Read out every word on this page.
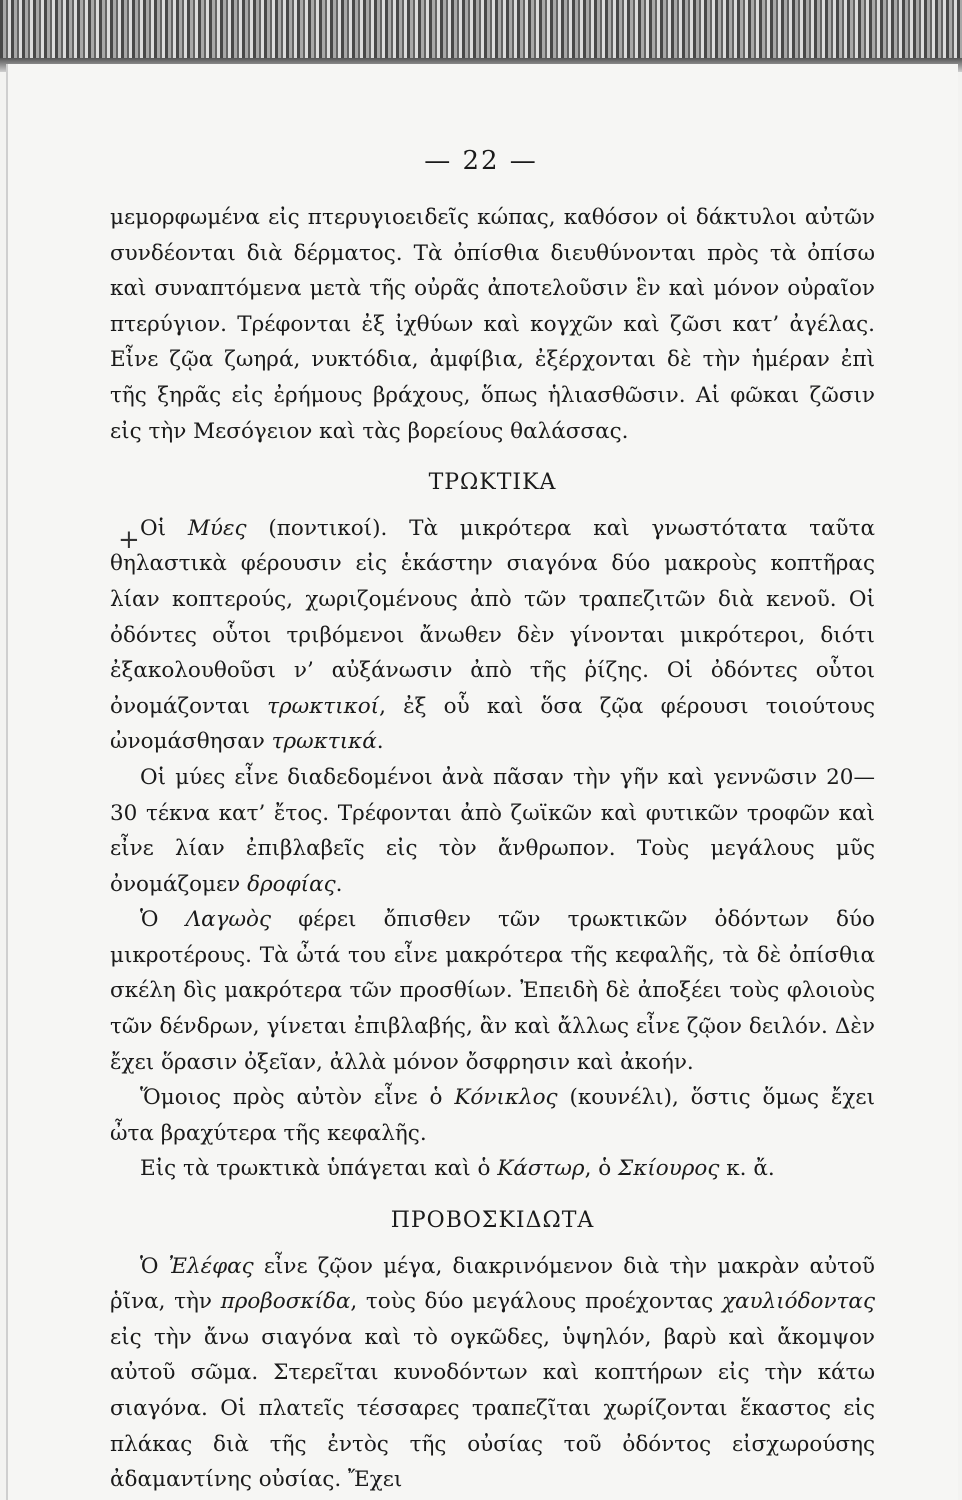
— 22 —
+

μεμορφωμένα εἰς πτερυγιοειδεῖς κώπας, καθόσον οἱ δάκτυλοι αὐτῶν συνδέονται διὰ δέρματος. Τὰ ὀπίσθια διευθύνονται πρὸς τὰ ὀπίσω καὶ συναπτόμενα μετὰ τῆς οὐρᾶς ἀποτελοῦσιν ἓν καὶ μόνον οὐραῖον πτερύγιον. Τρέφονται ἐξ ἰχθύων καὶ κογχῶν καὶ ζῶσι κατ’ ἀγέλας. Εἶνε ζῷα ζωηρά, νυκτόδια, ἀμφίβια, ἐξέρχονται δὲ τὴν ἡμέραν ἐπὶ τῆς ξηρᾶς εἰς ἐρήμους βράχους, ὅπως ἡλιασθῶσιν. Αἱ φῶκαι ζῶσιν εἰς τὴν Μεσόγειον καὶ τὰς βορείους θαλάσσας.

ΤΡΩΚΤΙΚΑ

Οἱ Μύες (ποντικοί). Τὰ μικρότερα καὶ γνωστότατα ταῦτα θηλαστικὰ φέρουσιν εἰς ἑκάστην σιαγόνα δύο μακροὺς κοπτῆρας λίαν κοπτερούς, χωριζομένους ἀπὸ τῶν τραπεζιτῶν διὰ κενοῦ. Οἱ ὀδόντες οὗτοι τριβόμενοι ἄνωθεν δὲν γίνονται μικρότεροι, διότι ἐξακολουθοῦσι ν’ αὐξάνωσιν ἀπὸ τῆς ῥίζης. Οἱ ὀδόντες οὗτοι ὀνομάζονται τρωκτικοί, ἐξ οὗ καὶ ὅσα ζῷα φέρουσι τοιούτους ὠνομάσθησαν τρωκτικά.

Οἱ μύες εἶνε διαδεδομένοι ἀνὰ πᾶσαν τὴν γῆν καὶ γεννῶσιν 20—30 τέκνα κατ’ ἔτος. Τρέφονται ἀπὸ ζωϊκῶν καὶ φυτικῶν τροφῶν καὶ εἶνε λίαν ἐπιβλαβεῖς εἰς τὸν ἄνθρωπον. Τοὺς μεγάλους μῦς ὀνομάζομεν δροφίας.

Ὁ Λαγωὸς φέρει ὄπισθεν τῶν τρωκτικῶν ὀδόντων δύο μικροτέρους. Τὰ ὦτά του εἶνε μακρότερα τῆς κεφαλῆς, τὰ δὲ ὀπίσθια σκέλη δὶς μακρότερα τῶν προσθίων. Ἐπειδὴ δὲ ἀποξέει τοὺς φλοιοὺς τῶν δένδρων, γίνεται ἐπιβλαβής, ἂν καὶ ἄλλως εἶνε ζῷον δειλόν. Δὲν ἔχει ὅρασιν ὀξεῖαν, ἀλλὰ μόνον ὄσφρησιν καὶ ἀκοήν.

Ὅμοιος πρὸς αὐτὸν εἶνε ὁ Κόνικλος (κουνέλι), ὅστις ὅμως ἔχει ὦτα βραχύτερα τῆς κεφαλῆς.

Εἰς τὰ τρωκτικὰ ὑπάγεται καὶ ὁ Κάστωρ, ὁ Σκίουρος κ. ἄ.

ΠΡΟΒΟΣΚΙΔΩΤΑ

Ὁ Ἐλέφας εἶνε ζῷον μέγα, διακρινόμενον διὰ τὴν μακρὰν αὐτοῦ ῥῖνα, τὴν προβοσκίδα, τοὺς δύο μεγάλους προέχοντας χαυλιόδοντας εἰς τὴν ἄνω σιαγόνα καὶ τὸ ογκῶδες, ὑψηλόν, βαρὺ καὶ ἄκομψον αὐτοῦ σῶμα. Στερεῖται κυνοδόντων καὶ κοπτήρων εἰς τὴν κάτω σιαγόνα. Οἱ πλατεῖς τέσσαρες τραπεζῖται χωρίζονται ἕκαστος εἰς πλάκας διὰ τῆς ἐντὸς τῆς οὐσίας τοῦ ὀδόντος εἰσχωρούσης ἀδαμαντίνης οὐσίας. Ἔχει
